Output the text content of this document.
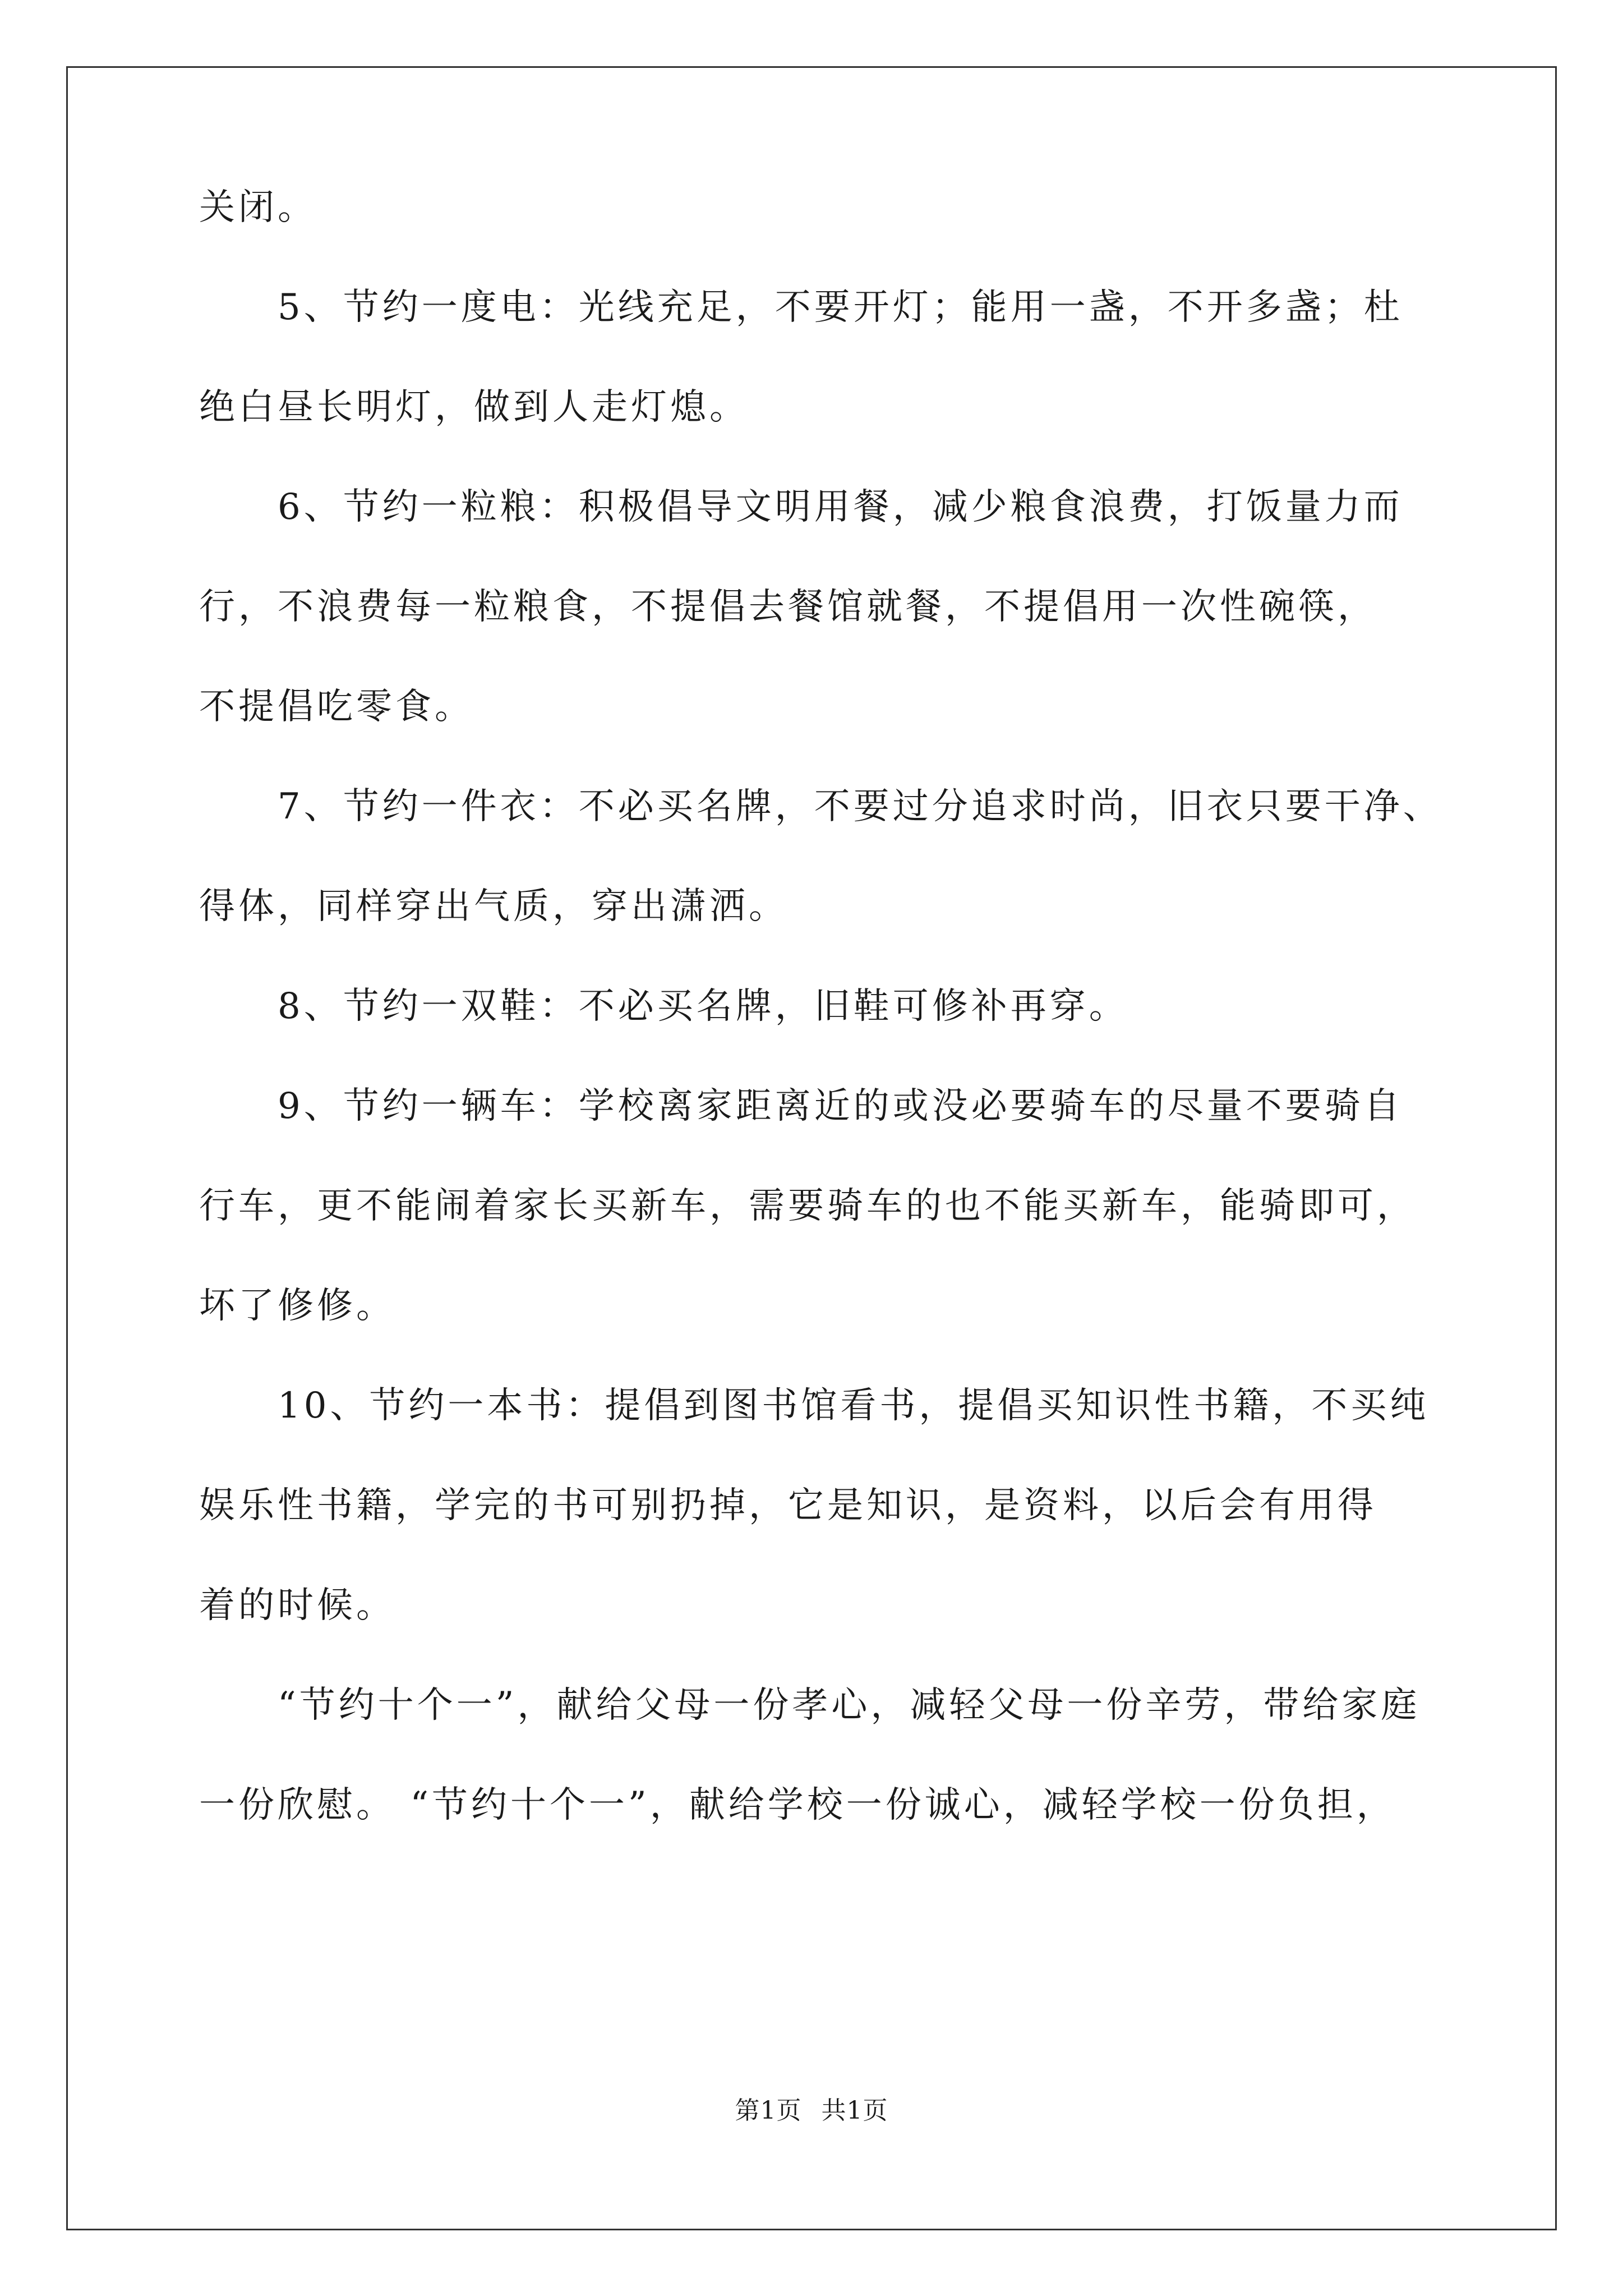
关闭。
5、节约一度电：光线充足，不要开灯；能用一盏，不开多盏；杜
绝白昼长明灯，做到人走灯熄。
6、节约一粒粮：积极倡导文明用餐，减少粮食浪费，打饭量力而
行，不浪费每一粒粮食，不提倡去餐馆就餐，不提倡用一次性碗筷，
不提倡吃零食。
7、节约一件衣：不必买名牌，不要过分追求时尚，旧衣只要干净、
得体，同样穿出气质，穿出潇洒。
8、节约一双鞋：不必买名牌，旧鞋可修补再穿。
9、节约一辆车：学校离家距离近的或没必要骑车的尽量不要骑自
行车，更不能闹着家长买新车，需要骑车的也不能买新车，能骑即可，
坏了修修。
10、节约一本书：提倡到图书馆看书，提倡买知识性书籍，不买纯
娱乐性书籍，学完的书可别扔掉，它是知识，是资料，以后会有用得
着的时候。
“节约十个一”，献给父母一份孝心，减轻父母一份辛劳，带给家庭
一份欣慰。 “节约十个一”，献给学校一份诚心，减轻学校一份负担，
第1页 共1页
